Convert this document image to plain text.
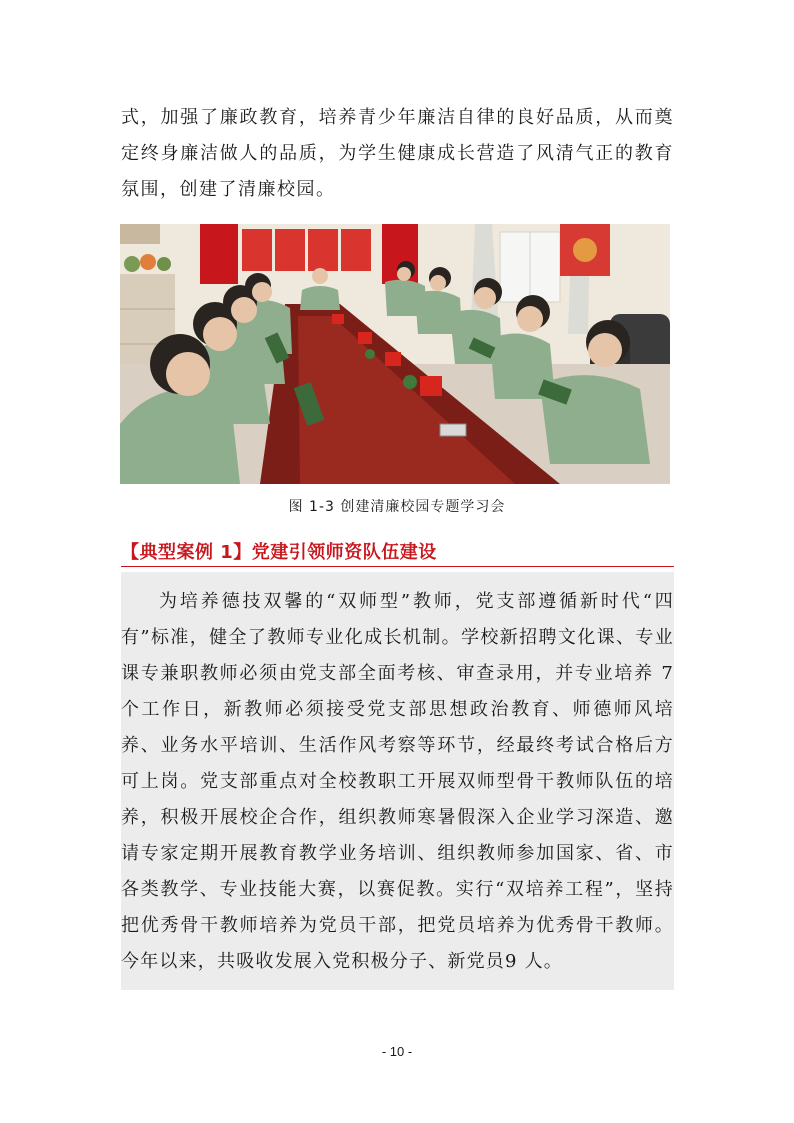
式，加强了廉政教育，培养青少年廉洁自律的良好品质，从而奠定终身廉洁做人的品质，为学生健康成长营造了风清气正的教育氛围，创建了清廉校园。

图 1-3 创建清廉校园专题学习会
【典型案例 1】党建引领师资队伍建设

为培养德技双馨的“双师型”教师，党支部遵循新时代“四有”标准，健全了教师专业化成长机制。学校新招聘文化课、专业课专兼职教师必须由党支部全面考核、审查录用，并专业培养 7 个工作日，新教师必须接受党支部思想政治教育、师德师风培养、业务水平培训、生活作风考察等环节，经最终考试合格后方可上岗。党支部重点对全校教职工开展双师型骨干教师队伍的培养，积极开展校企合作，组织教师寒暑假深入企业学习深造、邀请专家定期开展教育教学业务培训、组织教师参加国家、省、市各类教学、专业技能大赛，以赛促教。实行“双培养工程”，坚持把优秀骨干教师培养为党员干部，把党员培养为优秀骨干教师。今年以来，共吸收发展入党积极分子、新党员9 人。

- 10 -
